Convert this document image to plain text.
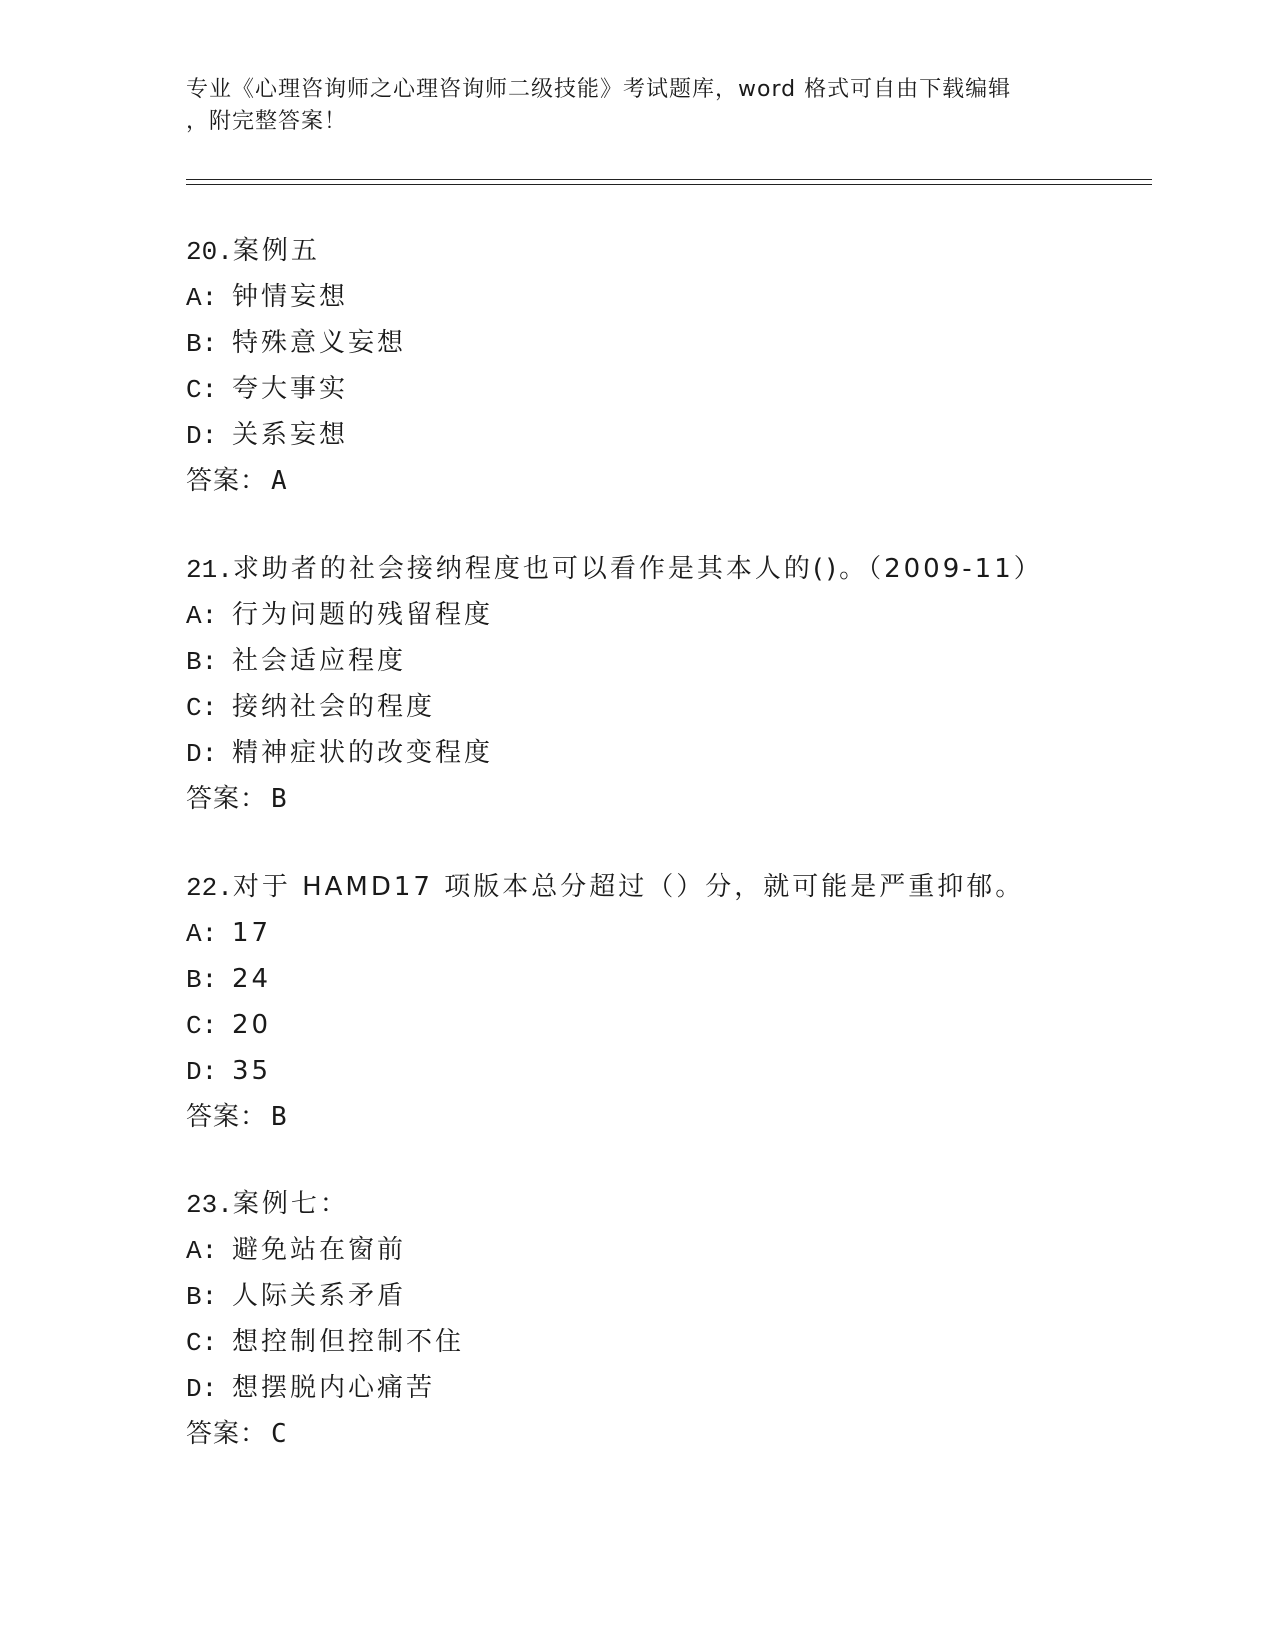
专业《心理咨询师之心理咨询师二级技能》考试题库，word 格式可自由下载编辑
，附完整答案！
20.案例五
A: 钟情妄想
B: 特殊意义妄想
C: 夸大事实
D: 关系妄想
答案： A
21.求助者的社会接纳程度也可以看作是其本人的()。（2009-11）
A: 行为问题的残留程度
B: 社会适应程度
C: 接纳社会的程度
D: 精神症状的改变程度
答案： B
22.对于 HAMD17 项版本总分超过（）分，就可能是严重抑郁。
A: 17
B: 24
C: 20
D: 35
答案： B
23.案例七：
A: 避免站在窗前
B: 人际关系矛盾
C: 想控制但控制不住
D: 想摆脱内心痛苦
答案： C
